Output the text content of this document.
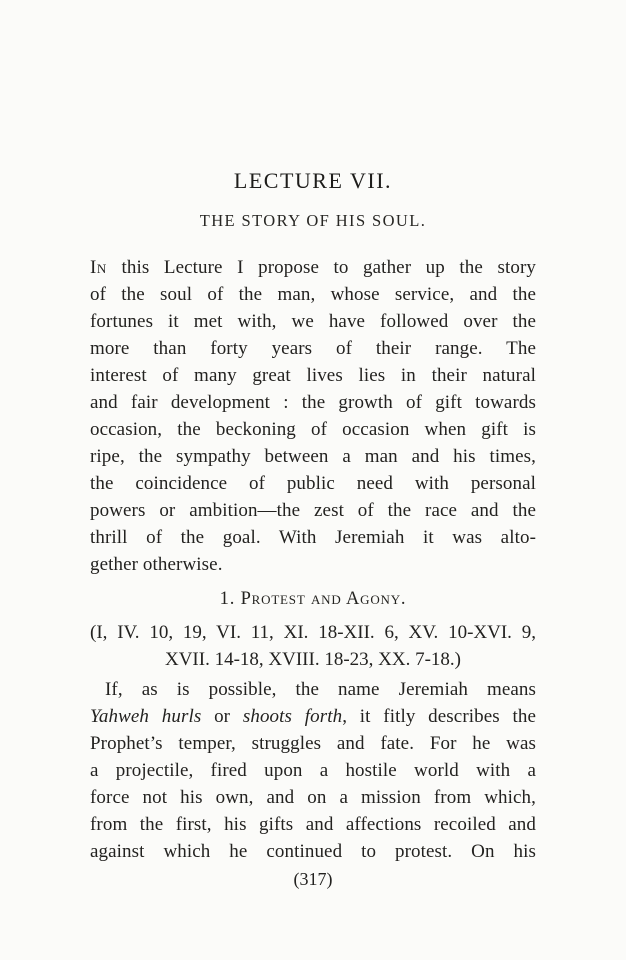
LECTURE VII.
THE STORY OF HIS SOUL.
In this Lecture I propose to gather up the story
of the soul of the man, whose service, and the
fortunes it met with, we have followed over the
more than forty years of their range. The
interest of many great lives lies in their natural
and fair development : the growth of gift towards
occasion, the beckoning of occasion when gift is
ripe, the sympathy between a man and his times,
the coincidence of public need with personal
powers or ambition—the zest of the race and the
thrill of the goal. With Jeremiah it was alto-
gether otherwise.
1. Protest and Agony.
(I, IV. 10, 19, VI. 11, XI. 18-XII. 6, XV. 10-XVI. 9,
XVII. 14-18, XVIII. 18-23, XX. 7-18.)
If, as is possible, the name Jeremiah means
Yahweh hurls or shoots forth, it fitly describes the
Prophet’s temper, struggles and fate. For he was
a projectile, fired upon a hostile world with a
force not his own, and on a mission from which,
from the first, his gifts and affections recoiled and
against which he continued to protest. On his
(317)
